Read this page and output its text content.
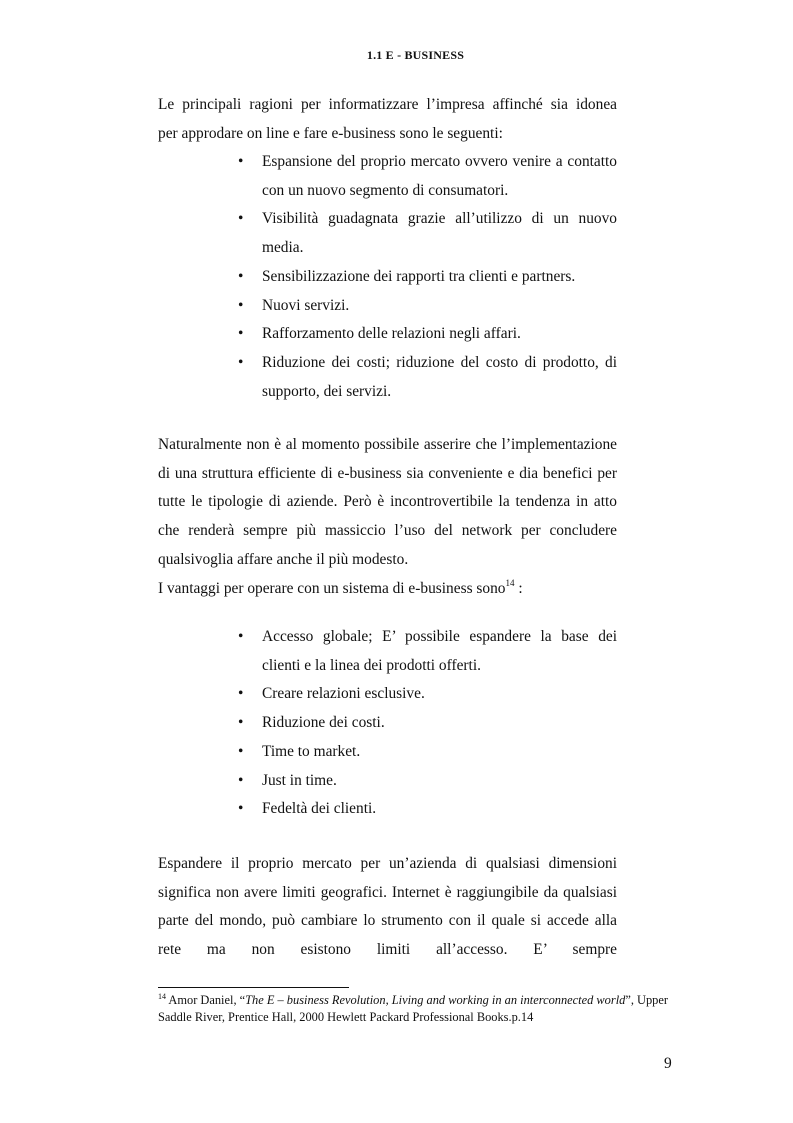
1.1 E - BUSINESS
Le principali ragioni per informatizzare l’impresa affinché sia idonea
per approdare on line e fare e-business sono le seguenti:
• Espansione del proprio mercato ovvero venire a contatto con un nuovo segmento di consumatori.
• Visibilità guadagnata grazie all’utilizzo di un nuovo media.
• Sensibilizzazione dei rapporti tra clienti e partners.
• Nuovi servizi.
• Rafforzamento delle relazioni negli affari.
• Riduzione dei costi; riduzione del costo di prodotto, di supporto, dei servizi.
Naturalmente non è al momento possibile asserire che l’implementazione di una struttura efficiente di e-business sia conveniente e dia benefici per tutte le tipologie di aziende. Però è incontrovertibile la tendenza in atto che renderà sempre più massiccio l’uso del network per concludere qualsivoglia affare anche il più modesto.
I vantaggi per operare con un sistema di e-business sono$^{14}$ :
• Accesso globale; E’ possibile espandere la base dei clienti e la linea dei prodotti offerti.
• Creare relazioni esclusive.
• Riduzione dei costi.
• Time to market.
• Just in time.
• Fedeltà dei clienti.
Espandere il proprio mercato per un’azienda di qualsiasi dimensioni significa non avere limiti geografici. Internet è raggiungibile da qualsiasi parte del mondo, può cambiare lo strumento con il quale si accede alla rete ma non esistono limiti all’accesso. E’ sempre
$^{14}$ Amor Daniel, “The E – business Revolution, Living and working in an interconnected world”, Upper Saddle River, Prentice Hall, 2000 Hewlett Packard Professional Books.p.14
9
